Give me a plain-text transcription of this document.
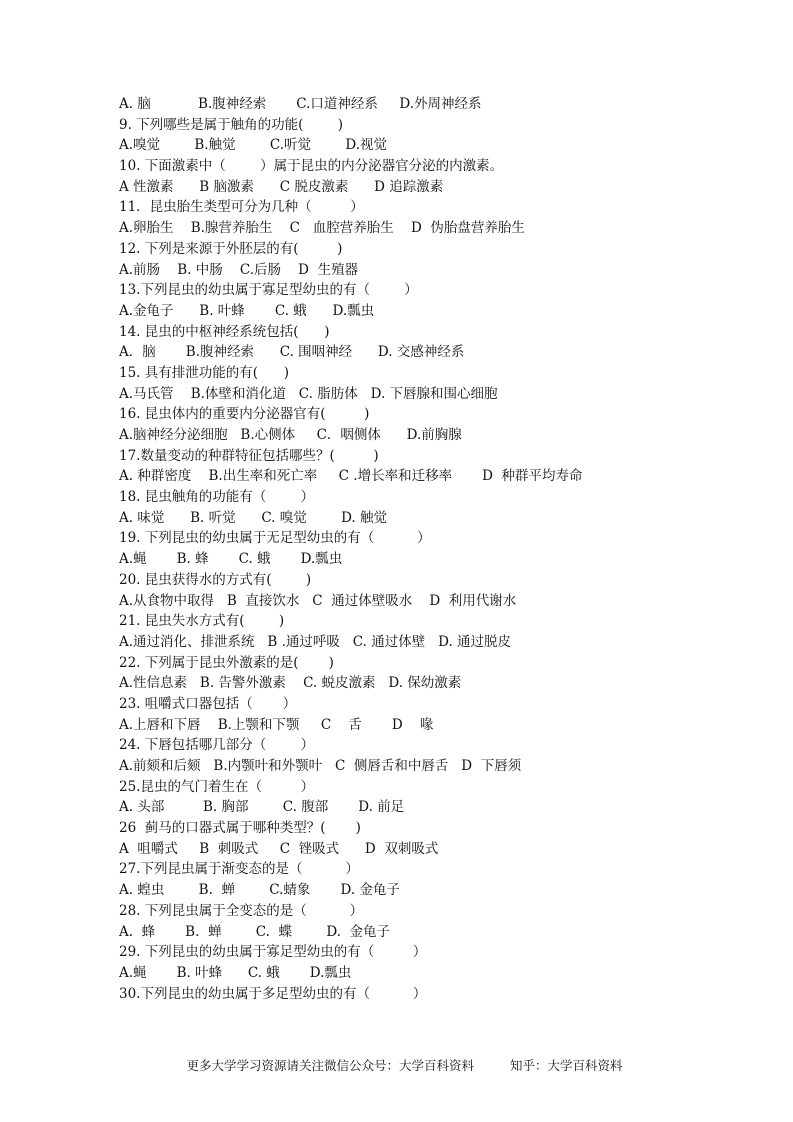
A. 脑           B.腹神经索       C.口道神经系     D.外周神经系
9. 下列哪些是属于触角的功能(        )
A.嗅觉        B.触觉        C.听觉        D.视觉
10. 下面激素中（        ）属于昆虫的内分泌器官分泌的内激素。
A 性激素      B 脑激素      C 脱皮激素      D 追踪激素
11．昆虫胎生类型可分为几种（         ）
A.卵胎生    B.腺营养胎生    C   血腔营养胎生    D  伪胎盘营养胎生
12. 下列是来源于外胚层的有(         )
A.前肠    B. 中肠    C.后肠    D  生殖器
13.下列昆虫的幼虫属于寡足型幼虫的有（        ）
A.金龟子      B. 叶蜂       C. 蛾      D.瓢虫
14. 昆虫的中枢神经系统包括(      )
A．脑       B.腹神经索      C. 围咽神经      D. 交感神经系
15. 具有排泄功能的有(      )
A.马氏管    B.体壁和消化道   C. 脂肪体   D. 下唇腺和围心细胞
16. 昆虫体内的重要内分泌器官有(         )
A.脑神经分泌细胞   B.心侧体     C．咽侧体      D.前胸腺
17.数量变动的种群特征包括哪些？(         )
A. 种群密度    B.出生率和死亡率     C .增长率和迁移率       D  种群平均寿命
18. 昆虫触角的功能有（        ）
A. 味觉      B. 听觉      C. 嗅觉        D. 触觉
19. 下列昆虫的幼虫属于无足型幼虫的有（          ）
A.蝇       B. 蜂       C. 蛾       D.瓢虫
20. 昆虫获得水的方式有(        )
A.从食物中取得   B  直接饮水   C  通过体壁吸水    D  利用代谢水
21. 昆虫失水方式有(        )
A.通过消化、排泄系统   B .通过呼吸   C. 通过体壁   D. 通过脱皮
22. 下列属于昆虫外激素的是(       )
A.性信息素   B. 告警外激素    C. 蜕皮激素   D. 保幼激素
23. 咀嚼式口器包括（       ）
A.上唇和下唇    B.上颚和下颚     C    舌       D    喙
24. 下唇包括哪几部分（        ）
A.前颏和后颏   B.内颚叶和外颚叶   C  侧唇舌和中唇舌   D  下唇须
25.昆虫的气门着生在（         ）
A. 头部         B. 胸部        C. 腹部       D. 前足
26  蓟马的口器式属于哪种类型？(       )
A  咀嚼式     B  刺吸式     C  锉吸式      D  双刺吸式
27.下列昆虫属于渐变态的是（          ）
A. 蝗虫        B.  蝉        C.蜻象       D. 金龟子
28. 下列昆虫属于全变态的是（          ）
A.  蜂       B.  蝉        C.  蝶        D.  金龟子
29. 下列昆虫的幼虫属于寡足型幼虫的有（         ）
A.蝇       B. 叶蜂      C. 蛾       D.瓢虫
30.下列昆虫的幼虫属于多足型幼虫的有（          ）

更多大学学习资源请关注微信公众号：大学百科资料	知乎：大学百科资料
